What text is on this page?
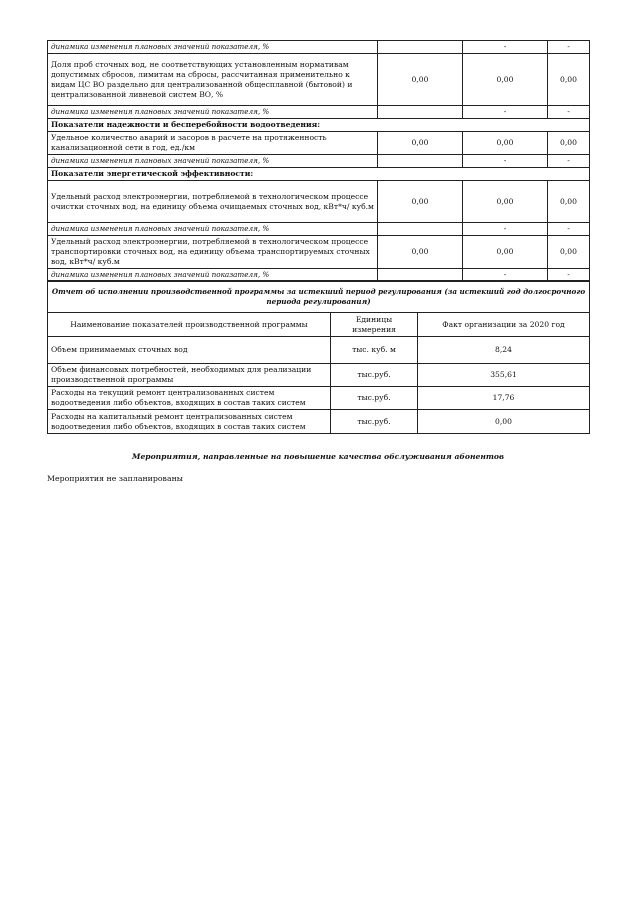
динамика изменения плановых значений показателя, %		-	-
Доля проб сточных вод, не соответствующих установленным нормативам допустимых сбросов, лимитам на сбросы, рассчитанная применительно к видам ЦС ВО раздельно для централизованной общесплавной (бытовой) и централизованной ливневой систем ВО, %	0,00	0,00	0,00
динамика изменения плановых значений показателя, %		-	-
Показатели надежности и бесперебойности водоотведения:			
Удельное количество аварий и засоров в расчете на протяженность канализационной сети в год, ед./км	0,00	0,00	0,00
динамика изменения плановых значений показателя, %		-	-
Показатели энергетической эффективности:			
Удельный расход электроэнергии, потребляемой в технологическом процессе очистки сточных вод, на единицу объема очищаемых сточных вод, кВт*ч/ куб.м	0,00	0,00	0,00
динамика изменения плановых значений показателя, %		-	-
Удельный расход электроэнергии, потребляемой в технологическом процессе транспортировки сточных вод, на единицу объема транспортируемых сточных вод, кВт*ч/ куб.м	0,00	0,00	0,00
динамика изменения плановых значений показателя, %		-	-
Отчет об исполнении производственной программы за истекший период регулирования (за истекший год долгосрочного периода регулирования)		
Наименование показателей производственной программы	Единицы измерения	Факт организации за 2020 год
Объем принимаемых сточных вод	тыс. куб. м	8,24
Объем финансовых потребностей, необходимых для реализации производственной программы	тыс.руб.	355,61
Расходы на текущий ремонт централизованных систем водоотведения либо объектов, входящих в состав таких систем	тыс.руб.	17,76
Расходы на капитальный ремонт централизованных систем водоотведения либо объектов, входящих в состав таких систем	тыс.руб.	0,00
Мероприятия, направленные на повышение качества обслуживания абонентов
Мероприятия не запланированы
